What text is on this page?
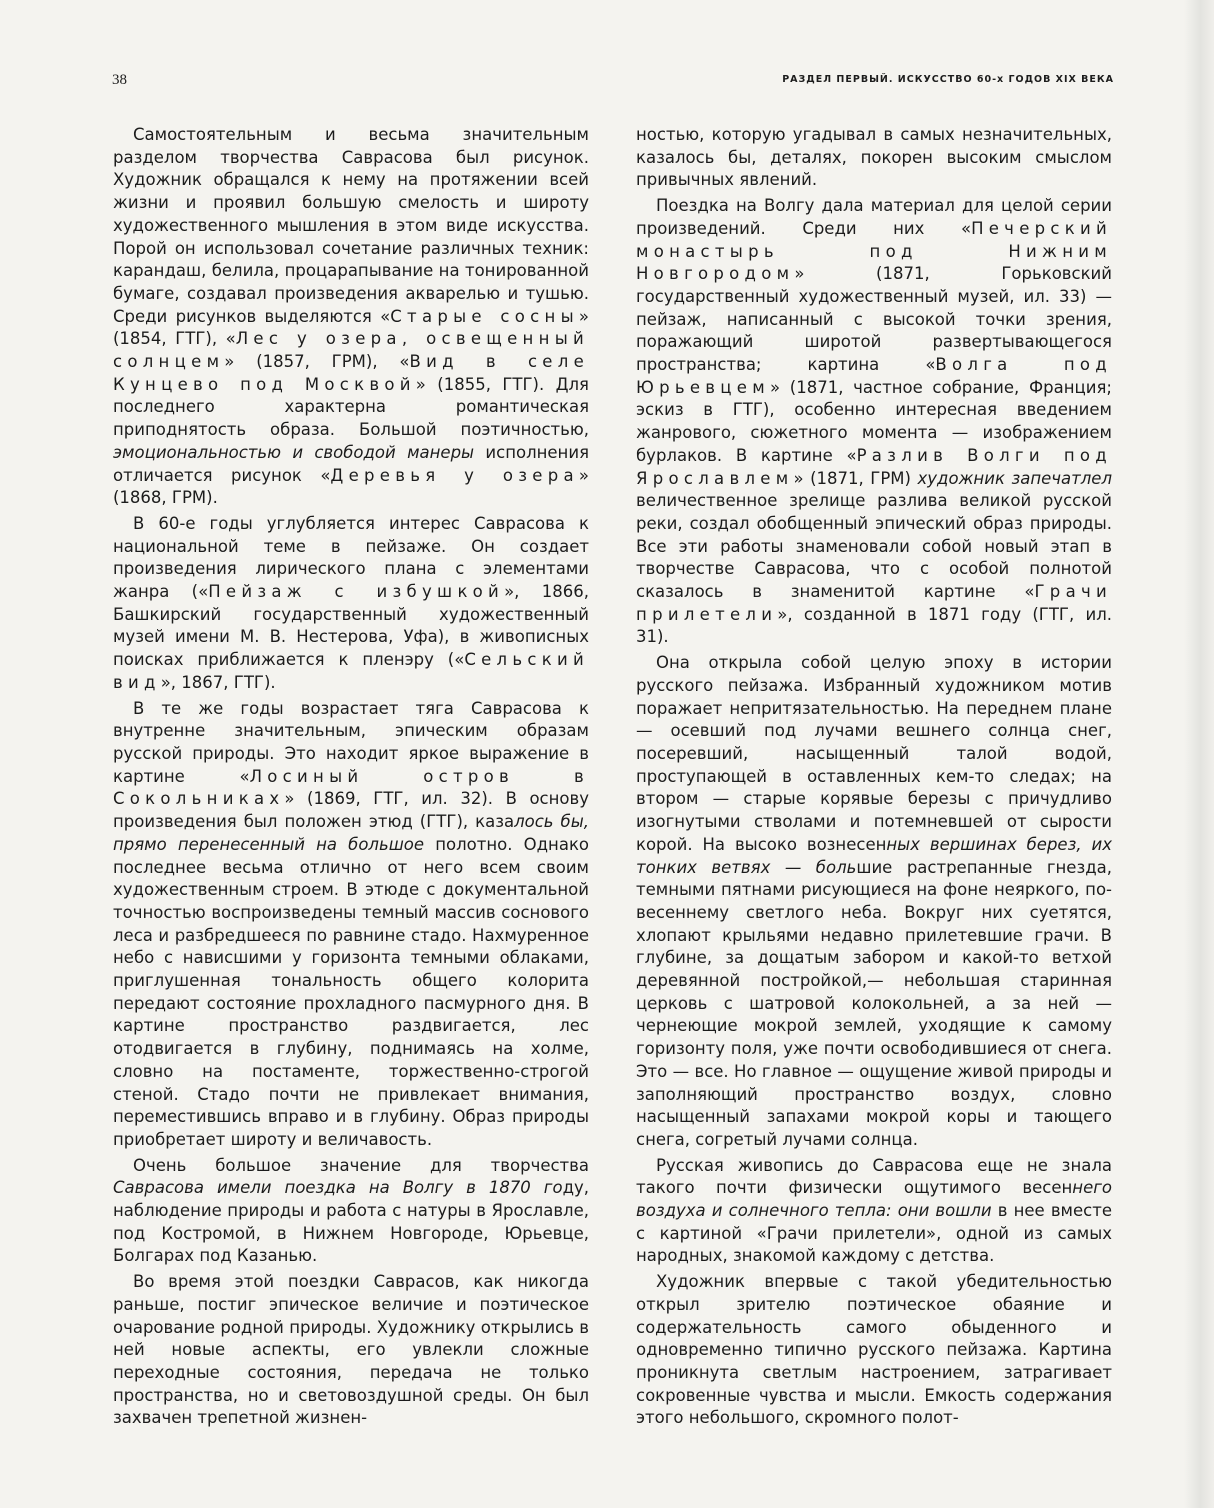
38	РАЗДЕЛ ПЕРВЫЙ. ИСКУССТВО 60-х ГОДОВ XIX ВЕКА

Самостоятельным и весьма значительным разделом творчества Саврасова был рисунок. Художник обращался к нему на протяжении всей жизни и проявил большую смелость и широту художественного мышления в этом виде искусства. Порой он использовал сочетание различных техник: карандаш, белила, процарапывание на тонированной бумаге, создавал произведения акварелью и тушью. Среди рисунков выделяются «Старые сосны» (1854, ГТГ), «Лес у озера, освещенный солнцем» (1857, ГРМ), «Вид в селе Кунцево под Москвой» (1855, ГТГ). Для последнего характерна романтическая приподнятость образа. Большой поэтичностью, эмоциональностью и свободой манеры исполнения отличается рисунок «Деревья у озера» (1868, ГРМ).

В 60-е годы углубляется интерес Саврасова к национальной теме в пейзаже. Он создает произведения лирического плана с элементами жанра («Пейзаж с избушкой», 1866, Башкирский государственный художественный музей имени М. В. Нестерова, Уфа), в живописных поисках приближается к пленэру («Сельский вид», 1867, ГТГ).

В те же годы возрастает тяга Саврасова к внутренне значительным, эпическим образам русской природы. Это находит яркое выражение в картине «Лосиный остров в Сокольниках» (1869, ГТГ, ил. 32). В основу произведения был положен этюд (ГТГ), казалось бы, прямо перенесенный на большое полотно. Однако последнее весьма отлично от него всем своим художественным строем. В этюде с документальной точностью воспроизведены темный массив соснового леса и разбредшееся по равнине стадо. Нахмуренное небо с нависшими у горизонта темными облаками, приглушенная тональность общего колорита передают состояние прохладного пасмурного дня. В картине пространство раздвигается, лес отодвигается в глубину, поднимаясь на холме, словно на постаменте, торжественно-строгой стеной. Стадо почти не привлекает внимания, переместившись вправо и в глубину. Образ природы приобретает широту и величавость.

Очень большое значение для творчества Саврасова имели поездка на Волгу в 1870 году, наблюдение природы и работа с натуры в Ярославле, под Костромой, в Нижнем Новгороде, Юрьевце, Болгарах под Казанью.

Во время этой поездки Саврасов, как никогда раньше, постиг эпическое величие и поэтическое очарование родной природы. Художнику открылись в ней новые аспекты, его увлекли сложные переходные состояния, передача не только пространства, но и световоздушной среды. Он был захвачен трепетной жизнен-

ностью, которую угадывал в самых незначительных, казалось бы, деталях, покорен высоким смыслом привычных явлений.

Поездка на Волгу дала материал для целой серии произведений. Среди них «Печерский монастырь под Нижним Новгородом» (1871, Горьковский государственный художественный музей, ил. 33) — пейзаж, написанный с высокой точки зрения, поражающий широтой развертывающегося пространства; картина «Волга под Юрьевцем» (1871, частное собрание, Франция; эскиз в ГТГ), особенно интересная введением жанрового, сюжетного момента — изображением бурлаков. В картине «Разлив Волги под Ярославлем» (1871, ГРМ) художник запечатлел величественное зрелище разлива великой русской реки, создал обобщенный эпический образ природы. Все эти работы знаменовали собой новый этап в творчестве Саврасова, что с особой полнотой сказалось в знаменитой картине «Грачи прилетели», созданной в 1871 году (ГТГ, ил. 31).

Она открыла собой целую эпоху в истории русского пейзажа. Избранный художником мотив поражает непритязательностью. На переднем плане — осевший под лучами вешнего солнца снег, посеревший, насыщенный талой водой, проступающей в оставленных кем-то следах; на втором — старые корявые березы с причудливо изогнутыми стволами и потемневшей от сырости корой. На высоко вознесенных вершинах берез, их тонких ветвях — большие растрепанные гнезда, темными пятнами рисующиеся на фоне неяркого, по-весеннему светлого неба. Вокруг них суетятся, хлопают крыльями недавно прилетевшие грачи. В глубине, за дощатым забором и какой-то ветхой деревянной постройкой,— небольшая старинная церковь с шатровой колокольней, а за ней — чернеющие мокрой землей, уходящие к самому горизонту поля, уже почти освободившиеся от снега. Это — все. Но главное — ощущение живой природы и заполняющий пространство воздух, словно насыщенный запахами мокрой коры и тающего снега, согретый лучами солнца.

Русская живопись до Саврасова еще не знала такого почти физически ощутимого весеннего воздуха и солнечного тепла: они вошли в нее вместе с картиной «Грачи прилетели», одной из самых народных, знакомой каждому с детства.

Художник впервые с такой убедительностью открыл зрителю поэтическое обаяние и содержательность самого обыденного и одновременно типично русского пейзажа. Картина проникнута светлым настроением, затрагивает сокровенные чувства и мысли. Емкость содержания этого небольшого, скромного полот-
